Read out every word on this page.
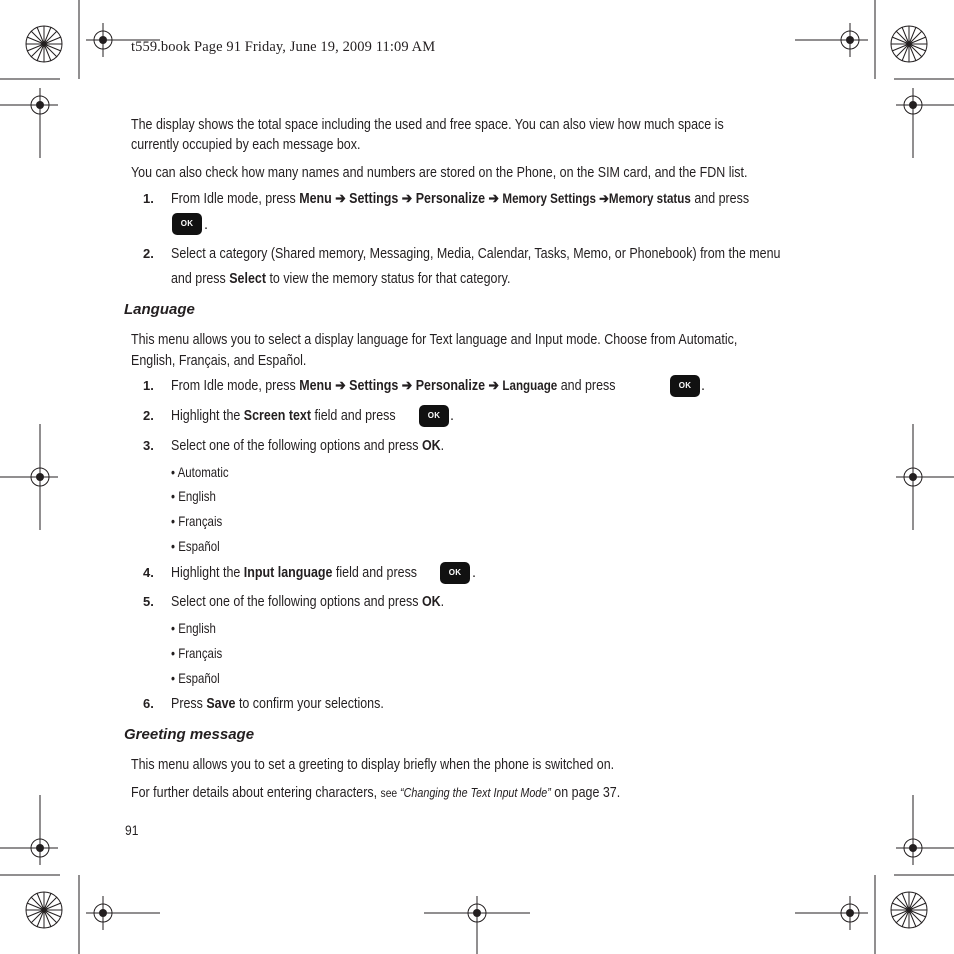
t559.book Page 91 Friday, June 19, 2009 11:09 AM
The display shows the total space including the used and free space. You can also view how much space is
currently occupied by each message box.
You can also check how many names and numbers are stored on the Phone, on the SIM card, and the FDN list.
1. From Idle mode, press Menu ➔ Settings ➔ Personalize ➔ Memory Settings ➔Memory status and press
OK .
2. Select a category (Shared memory, Messaging, Media, Calendar, Tasks, Memo, or Phonebook) from the menu
and press Select to view the memory status for that category.
Language
This menu allows you to select a display language for Text language and Input mode. Choose from Automatic,
English, Français, and Español.
1. From Idle mode, press Menu ➔ Settings ➔ Personalize ➔ Language and press	OK .
2. Highlight the Screen text field and press	OK .
3. Select one of the following options and press OK.
• Automatic
• English
• Français
• Español
4. Highlight the Input language field and press	OK .
5. Select one of the following options and press OK.
• English
• Français
• Español
6. Press Save to confirm your selections.
Greeting message
This menu allows you to set a greeting to display briefly when the phone is switched on.
For further details about entering characters, see “Changing the Text Input Mode” on page 37.
91
